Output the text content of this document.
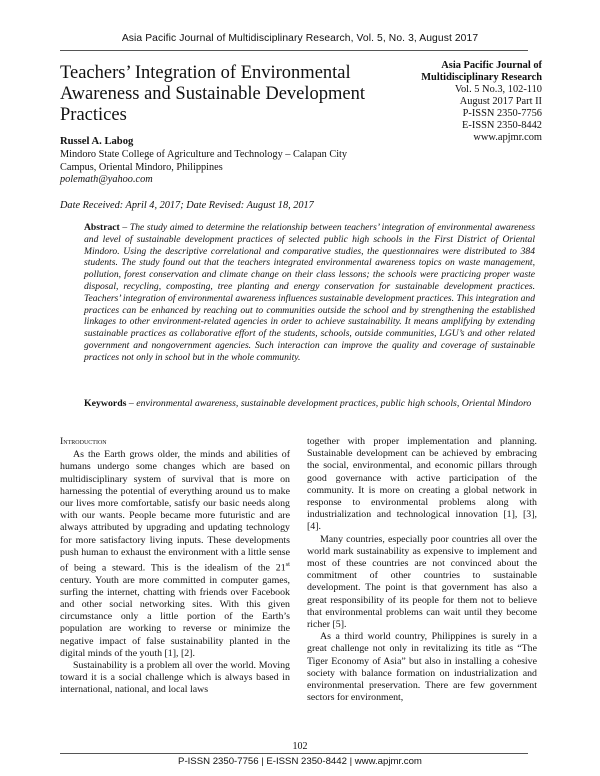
Asia Pacific Journal of Multidisciplinary Research, Vol. 5, No. 3, August 2017
Teachers’ Integration of Environmental Awareness and Sustainable Development Practices
Asia Pacific Journal of
Multidisciplinary Research
Vol. 5 No.3, 102-110
August 2017 Part II
P-ISSN 2350-7756
E-ISSN 2350-8442
www.apjmr.com
Russel A. Labog
Mindoro State College of Agriculture and Technology – Calapan City
Campus, Oriental Mindoro, Philippines
polemath@yahoo.com
Date Received: April 4, 2017; Date Revised: August 18, 2017
Abstract – The study aimed to determine the relationship between teachers’ integration of environmental awareness and level of sustainable development practices of selected public high schools in the First District of Oriental Mindoro. Using the descriptive correlational and comparative studies, the questionnaires were distributed to 384 students. The study found out that the teachers integrated environmental awareness topics on waste management, pollution, forest conservation and climate change on their class lessons; the schools were practicing proper waste disposal, recycling, composting, tree planting and energy conservation for sustainable development practices. Teachers’ integration of environmental awareness influences sustainable development practices. This integration and practices can be enhanced by reaching out to communities outside the school and by strengthening the established linkages to other environment-related agencies in order to achieve sustainability. It means amplifying by extending sustainable practices as collaborative effort of the students, schools, outside communities, LGU’s and other related government and nongovernment agencies. Such interaction can improve the quality and coverage of sustainable practices not only in school but in the whole community.
Keywords – environmental awareness, sustainable development practices, public high schools, Oriental Mindoro
Introduction

As the Earth grows older, the minds and abilities of humans undergo some changes which are based on multidisciplinary system of survival that is more on harnessing the potential of everything around us to make our lives more comfortable, satisfy our basic needs along with our wants. People became more futuristic and are always attributed by upgrading and updating technology for more satisfactory living inputs. These developments push human to exhaust the environment with a little sense of being a steward. This is the idealism of the 21st century. Youth are more committed in computer games, surfing the internet, chatting with friends over Facebook and other social networking sites. With this given circumstance only a little portion of the Earth’s population are working to reverse or minimize the negative impact of false sustainability planted in the digital minds of the youth [1], [2].

Sustainability is a problem all over the world. Moving toward it is a social challenge which is always based in international, national, and local laws

together with proper implementation and planning. Sustainable development can be achieved by embracing the social, environmental, and economic pillars through good governance with active participation of the community. It is more on creating a global network in response to environmental problems along with industrialization and technological innovation [1], [3], [4].

Many countries, especially poor countries all over the world mark sustainability as expensive to implement and most of these countries are not convinced about the commitment of other countries to sustainable development. The point is that government has also a great responsibility of its people for them not to believe that environmental problems can wait until they become richer [5].

As a third world country, Philippines is surely in a great challenge not only in revitalizing its title as “The Tiger Economy of Asia” but also in installing a cohesive society with balance formation on industrialization and environmental preservation. There are few government sectors for environment,

102
P-ISSN 2350-7756 | E-ISSN 2350-8442 | www.apjmr.com
